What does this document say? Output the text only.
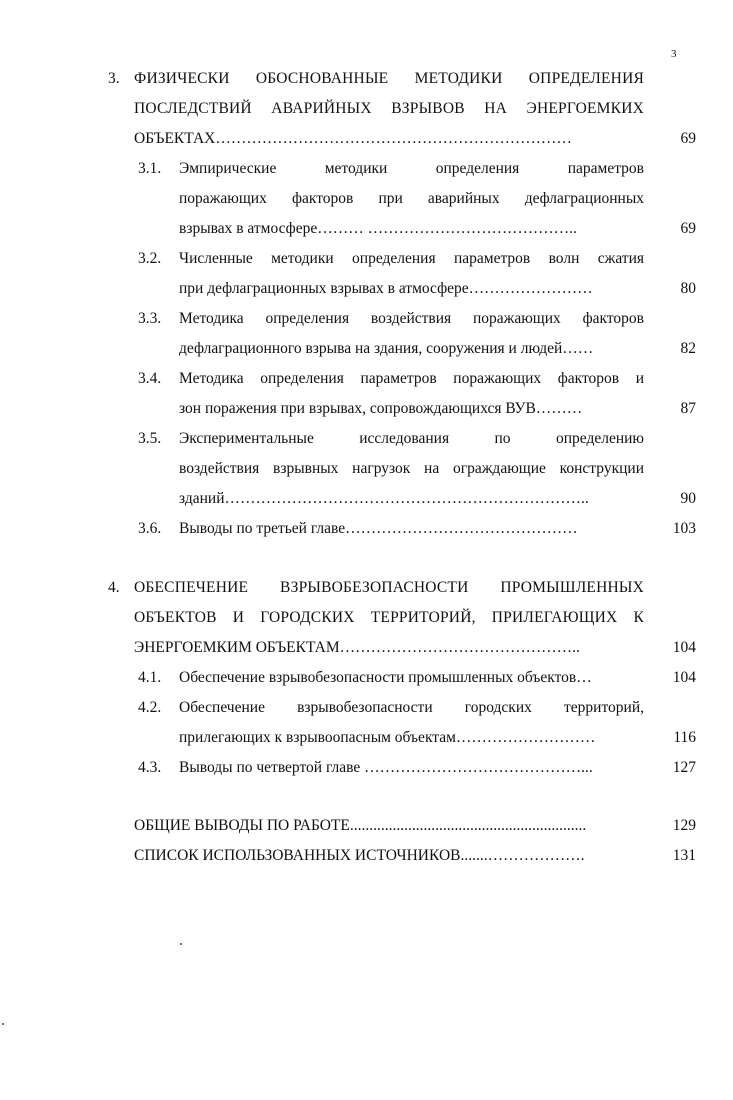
3
3. ФИЗИЧЕСКИ ОБОСНОВАННЫЕ МЕТОДИКИ ОПРЕДЕЛЕНИЯ
ПОСЛЕДСТВИЙ АВАРИЙНЫХ ВЗРЫВОВ НА ЭНЕРГОЕМКИХ
ОБЪЕКТАХ……………………………………………………………	69
3.1. Эмпирические методики определения параметров
поражающих факторов при аварийных дефлаграционных
взрывах в атмосфере……… …………………………………..	69
3.2. Численные методики определения параметров волн сжатия
при дефлаграционных взрывах в атмосфере……………………	80
3.3. Методика определения воздействия поражающих факторов
дефлаграционного взрыва на здания, сооружения и людей……	82
3.4. Методика определения параметров поражающих факторов и
зон поражения при взрывах, сопровождающихся ВУВ………	87
3.5. Экспериментальные исследования по определению
воздействия взрывных нагрузок на ограждающие конструкции
зданий……………………………………………………………..	90
3.6. Выводы по третьей главе………………………………………	103
4. ОБЕСПЕЧЕНИЕ ВЗРЫВОБЕЗОПАСНОСТИ ПРОМЫШЛЕННЫХ
ОБЪЕКТОВ И ГОРОДСКИХ ТЕРРИТОРИЙ, ПРИЛЕГАЮЩИХ К
ЭНЕРГОЕМКИМ ОБЪЕКТАМ………………………………………..	104
4.1. Обеспечение взрывобезопасности промышленных объектов…	104
4.2. Обеспечение взрывобезопасности городских территорий,
прилегающих к взрывоопасным объектам………………………	116
4.3. Выводы по четвертой главе ……………………………………...	127
ОБЩИЕ ВЫВОДЫ ПО РАБОТЕ.............................................................	129
СПИСОК ИСПОЛЬЗОВАННЫХ ИСТОЧНИКОВ.......……………….	131
